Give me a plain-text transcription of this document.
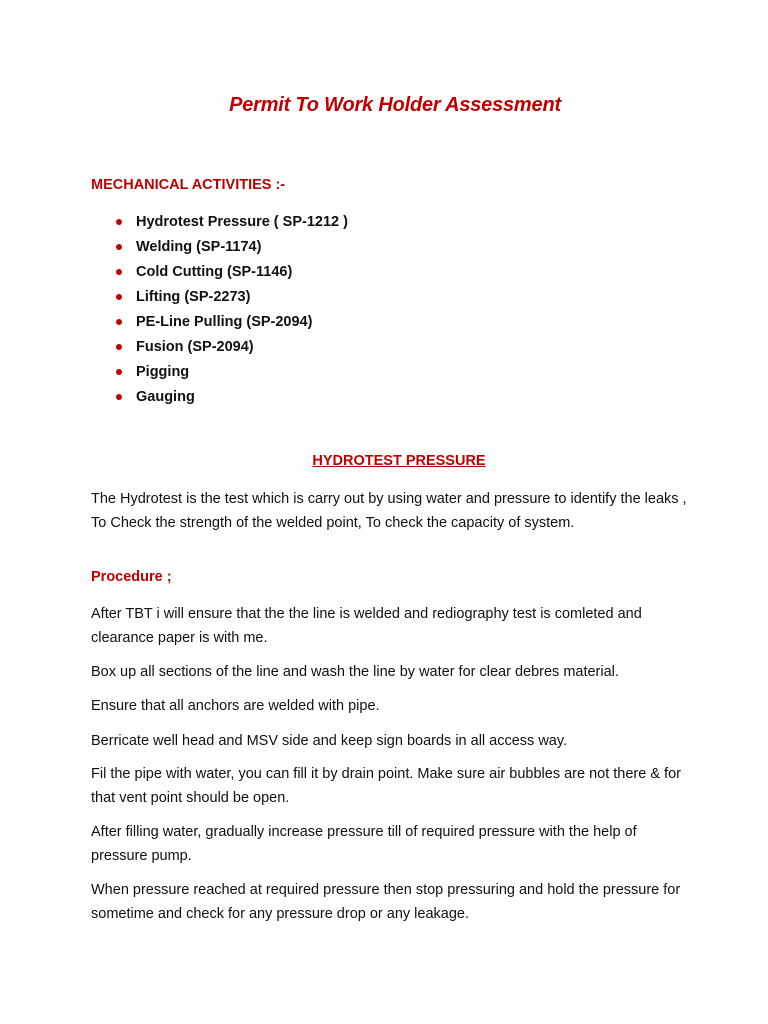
Permit To Work Holder Assessment
MECHANICAL ACTIVITIES :-
Hydrotest Pressure ( SP-1212 )
Welding (SP-1174)
Cold Cutting (SP-1146)
Lifting (SP-2273)
PE-Line Pulling (SP-2094)
Fusion (SP-2094)
Pigging
Gauging
HYDROTEST PRESSURE

The Hydrotest is the test which is carry out by using water and pressure to identify the leaks , To Check the strength of the welded point, To check the capacity of system.

Procedure ;

After TBT i will ensure that the the line is welded and rediography test is comleted and clearance paper is with me.

Box up all sections of the line and wash the line by water for clear debres material.

Ensure that all anchors are welded with pipe.

Berricate well head and MSV side and keep sign boards in all access way.

Fil the pipe with water, you can fill it by drain point. Make sure air bubbles are not there & for that vent point should be open.

After filling water, gradually increase pressure till of required pressure with the help of pressure pump.

When pressure reached at required pressure then stop pressuring and hold the pressure for sometime and check for any pressure drop or any leakage.
